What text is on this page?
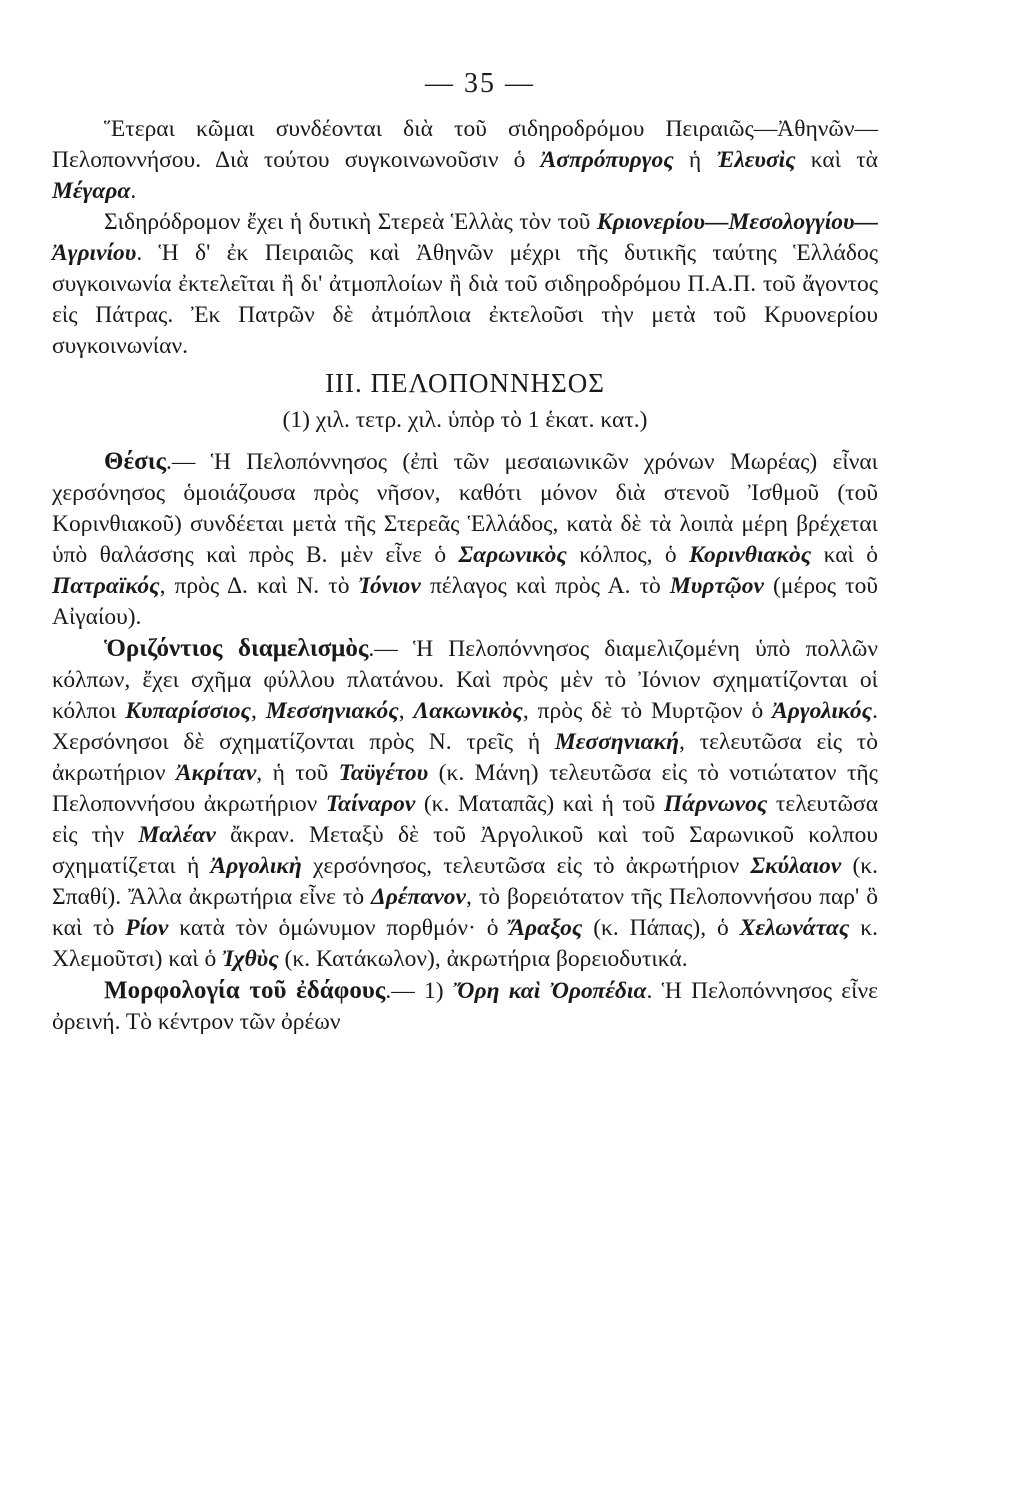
— 35 —

Ἕτεραι κῶμαι συνδέονται διὰ τοῦ σιδηροδρόμου Πειραιῶς—Ἀθηνῶν—Πελοποννήσου. Διὰ τούτου συγκοινωνοῦσιν ὁ Ἀσπρόπυργος ἡ Ἐλευσὶς καὶ τὰ Μέγαρα.

Σιδηρόδρομον ἔχει ἡ δυτικὴ Στερεὰ Ἑλλὰς τὸν τοῦ Κριονερίου—Μεσολογγίου—Ἀγρινίου. Ἡ δ' ἐκ Πειραιῶς καὶ Ἀθηνῶν μέχρι τῆς δυτικῆς ταύτης Ἑλλάδος συγκοινωνία ἐκτελεῖται ἢ δι' ἀτμοπλοίων ἢ διὰ τοῦ σιδηροδρόμου Π.Α.Π. τοῦ ἄγοντος εἰς Πάτρας. Ἐκ Πατρῶν δὲ ἀτμόπλοια ἐκτελοῦσι τὴν μετὰ τοῦ Κρυονερίου συγκοινωνίαν.

III. ΠΕΛΟΠΟΝΝΗΣΟΣ
(1) χιλ. τετρ. χιλ. ὑπὸρ τὸ 1 ἑκατ. κατ.)

Θέσις.— Ἡ Πελοπόννησος (ἐπὶ τῶν μεσαιωνικῶν χρόνων Μωρέας) εἶναι χερσόνησος ὁμοιάζουσα πρὸς νῆσον, καθότι μόνον διὰ στενοῦ Ἰσθμοῦ (τοῦ Κορινθιακοῦ) συνδέεται μετὰ τῆς Στερεᾶς Ἑλλάδος, κατὰ δὲ τὰ λοιπὰ μέρη βρέχεται ὑπὸ θαλάσσης καὶ πρὸς Β. μὲν εἶνε ὁ Σαρωνικὸς κόλπος, ὁ Κορινθιακὸς καὶ ὁ Πατραϊκός, πρὸς Δ. καὶ Ν. τὸ Ἰόνιον πέλαγος καὶ πρὸς Α. τὸ Μυρτῷον (μέρος τοῦ Αἰγαίου).

Ὁριζόντιος διαμελισμὸς.— Ἡ Πελοπόννησος διαμελιζομένη ὑπὸ πολλῶν κόλπων, ἔχει σχῆμα φύλλου πλατάνου. Καὶ πρὸς μὲν τὸ Ἰόνιον σχηματίζονται οἱ κόλποι Κυπαρίσσιος, Μεσσηνιακός, Λακωνικὸς, πρὸς δὲ τὸ Μυρτῷον ὁ Ἀργολικός. Χερσόνησοι δὲ σχηματίζονται πρὸς Ν. τρεῖς ἡ Μεσσηνιακή, τελευτῶσα εἰς τὸ ἀκρωτήριον Ἀκρίταν, ἡ τοῦ Ταϋγέτου (κ. Μάνη) τελευτῶσα εἰς τὸ νοτιώτατον τῆς Πελοποννήσου ἀκρωτήριον Ταίναρον (κ. Ματαπᾶς) καὶ ἡ τοῦ Πάρνωνος τελευτῶσα εἰς τὴν Μαλέαν ἄκραν. Μεταξὺ δὲ τοῦ Ἀργολικοῦ καὶ τοῦ Σαρωνικοῦ κολπου σχηματίζεται ἡ Ἀργολικὴ χερσόνησος, τελευτῶσα εἰς τὸ ἀκρωτήριον Σκύλαιον (κ. Σπαθί). Ἄλλα ἀκρωτήρια εἶνε τὸ Δρέπανον, τὸ βορειότατον τῆς Πελοποννήσου παρ' ὃ καὶ τὸ Ρίον κατὰ τὸν ὁμώνυμον πορθμόν· ὁ Ἄραξος (κ. Πάπας), ὁ Χελωνάτας κ. Χλεμοῦτσι) καὶ ὁ Ἰχθὺς (κ. Κατάκωλον), ἀκρωτήρια βορειοδυτικά.

Μορφολογία τοῦ ἐδάφους.— 1) Ὄρη καὶ Ὀροπέδια. Ἡ Πελοπόννησος εἶνε ὀρεινή. Τὸ κέντρον τῶν ὀρέων
